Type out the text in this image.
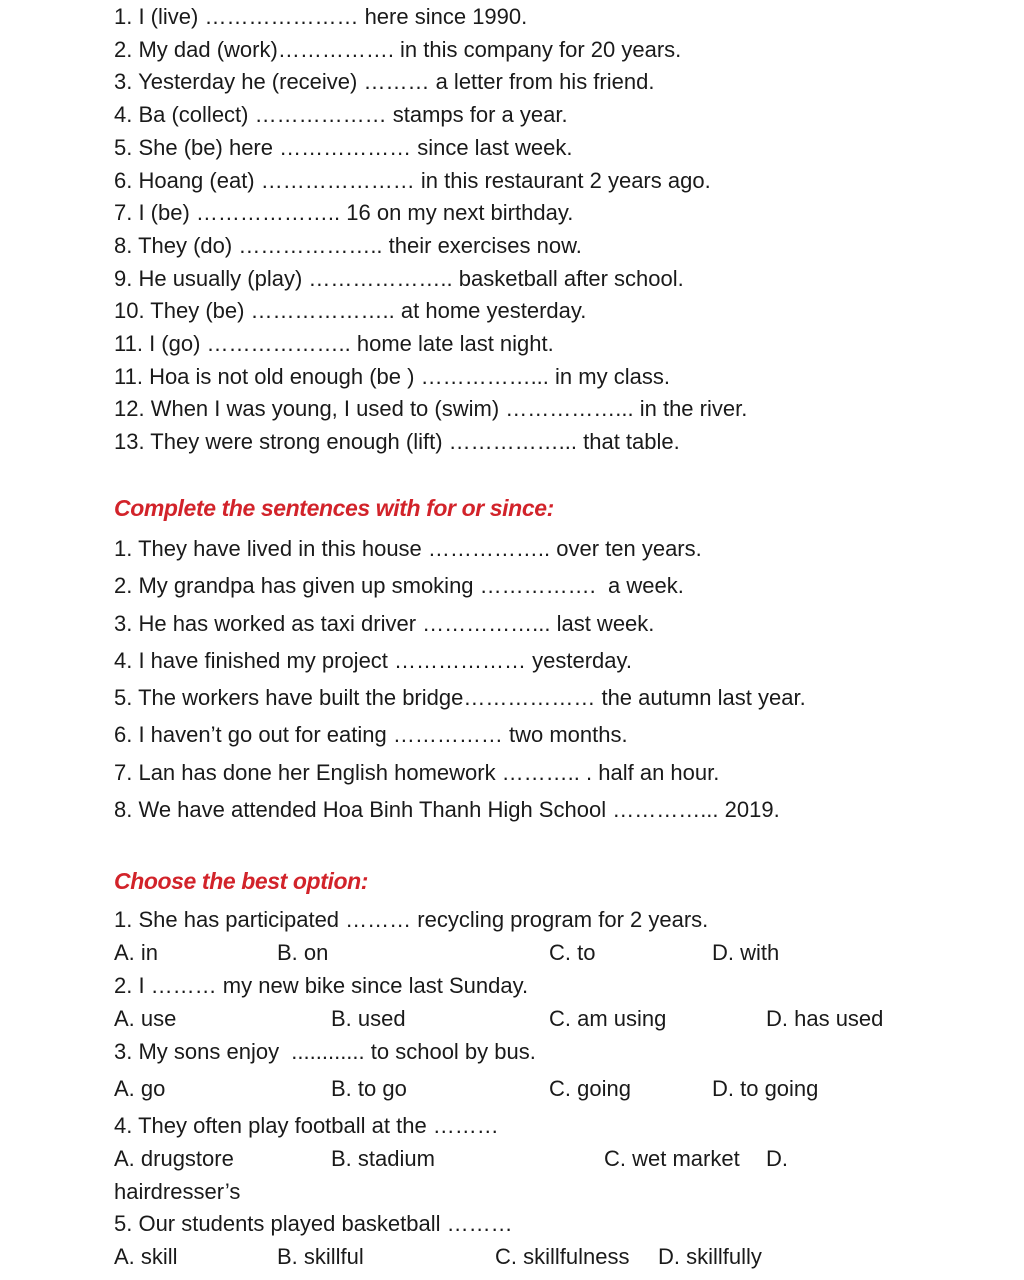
1. I (live) ………………… here since 1990.
2. My dad (work)……………. in this company for 20 years.
3. Yesterday he (receive) ……… a letter from his friend.
4. Ba (collect) ……………… stamps for a year.
5. She (be) here ……………… since last week.
6. Hoang (eat) ………………… in this restaurant 2 years ago.
7. I (be) ……………….. 16 on my next birthday.
8. They (do) ……………….. their exercises now.
9. He usually (play) ……………….. basketball after school.
10. They (be) ……………….. at home yesterday.
11. I (go) ……………….. home late last night.
11. Hoa is not old enough (be ) ……………... in my class.
12. When I was young, I used to (swim) ……………... in the river.
13. They were strong enough (lift) ……………... that table.
Complete the sentences with for or since:
1. They have lived in this house …………….. over ten years.
2. My grandpa has given up smoking …………….  a week.
3. He has worked as taxi driver ……………... last week.
4. I have finished my project ……………… yesterday.
5. The workers have built the bridge……………… the autumn last year.
6. I haven’t go out for eating …………… two months.
7. Lan has done her English homework ……….. . half an hour.
8. We have attended Hoa Binh Thanh High School …………... 2019.
Choose the best option:
1. She has participated ……… recycling program for 2 years.
A. in	B. on	C. to	D. with
2. I ……… my new bike since last Sunday.
A. use	B. used	C. am using	D. has used
3. My sons enjoy  ............ to school by bus.
A. go	B. to go	C. going	D. to going
4. They often play football at the ………
A. drugstore	B. stadium	C. wet market D.
hairdresser’s
5. Our students played basketball ………
A. skill	B. skillful	C. skillfulness D. skillfully
